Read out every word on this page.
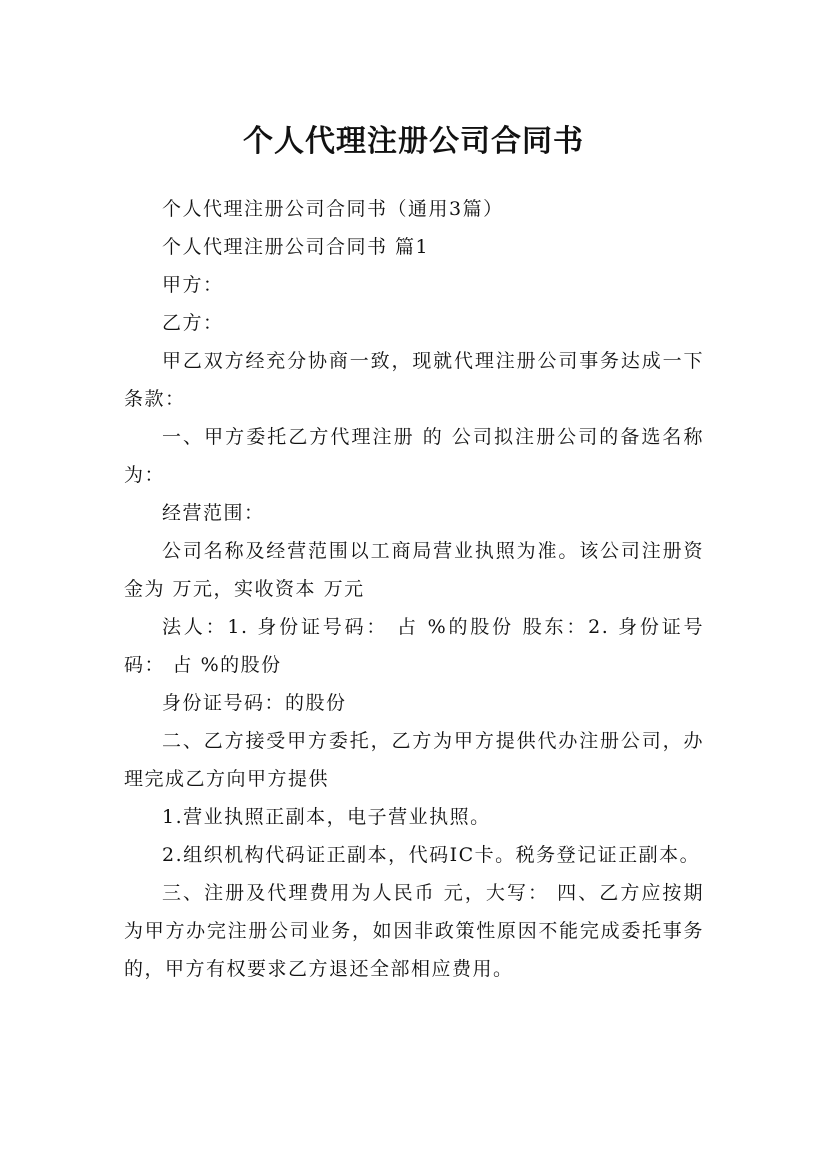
个人代理注册公司合同书

个人代理注册公司合同书（通用3篇）

个人代理注册公司合同书 篇1

甲方：

乙方：

甲乙双方经充分协商一致，现就代理注册公司事务达成一下条款：

一、甲方委托乙方代理注册 的 公司拟注册公司的备选名称为：

经营范围：

公司名称及经营范围以工商局营业执照为准。该公司注册资金为 万元，实收资本 万元

法人：1. 身份证号码： 占 %的股份 股东：2. 身份证号码： 占 %的股份

身份证号码：的股份

二、乙方接受甲方委托，乙方为甲方提供代办注册公司，办理完成乙方向甲方提供

1.营业执照正副本，电子营业执照。

2.组织机构代码证正副本，代码IC卡。税务登记证正副本。

三、注册及代理费用为人民币 元，大写： 四、乙方应按期为甲方办完注册公司业务，如因非政策性原因不能完成委托事务的，甲方有权要求乙方退还全部相应费用。
